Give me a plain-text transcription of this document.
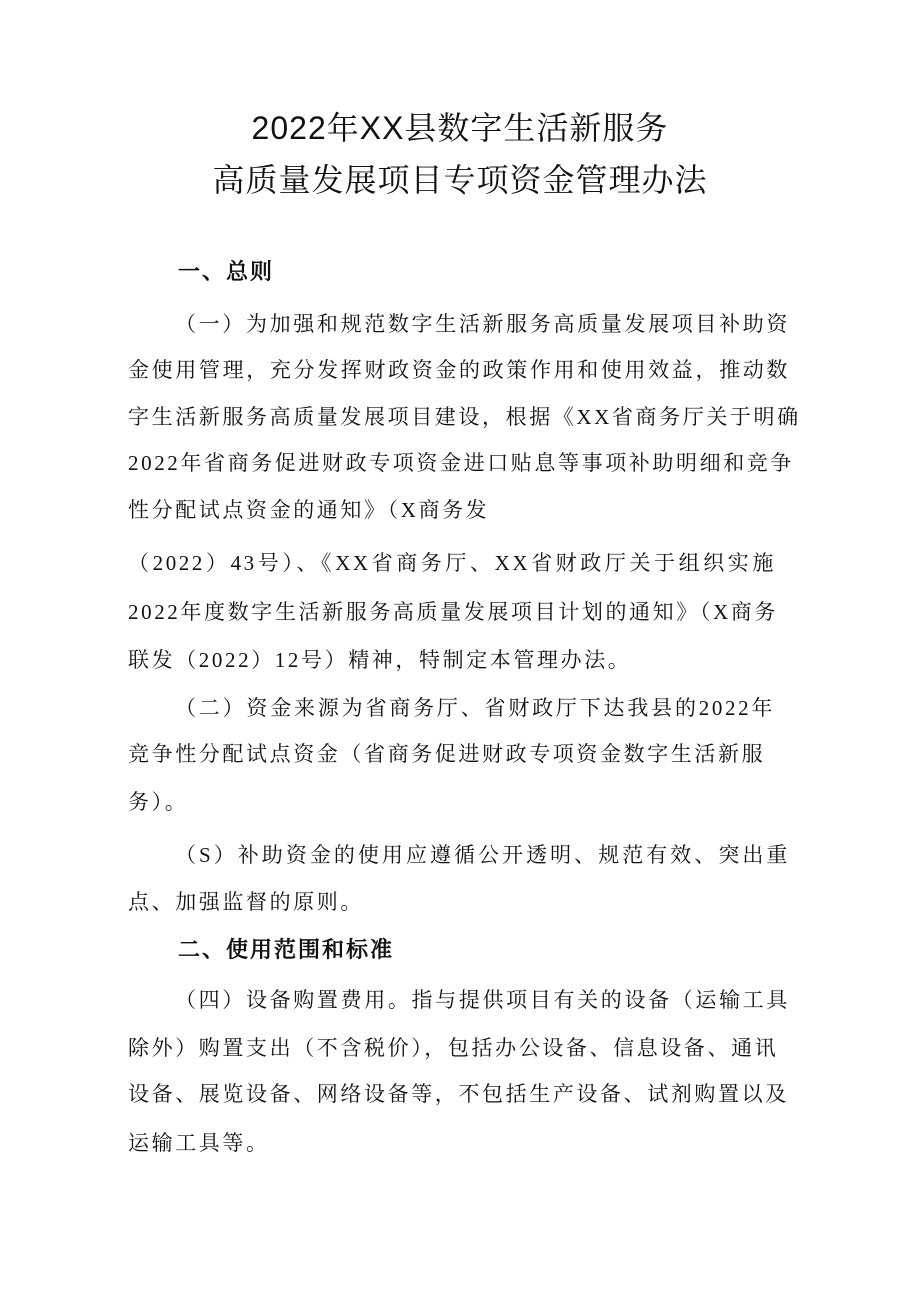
2022年XX县数字生活新服务
高质量发展项目专项资金管理办法
一、总则
（一）为加强和规范数字生活新服务高质量发展项目补助资
金使用管理，充分发挥财政资金的政策作用和使用效益，推动数
字生活新服务高质量发展项目建设，根据《XX省商务厅关于明确
2022年省商务促进财政专项资金进口贴息等事项补助明细和竞争
性分配试点资金的通知》（X商务发
（2022）43号）、《XX省商务厅、XX省财政厅关于组织实施
2022年度数字生活新服务高质量发展项目计划的通知》（X商务
联发（2022）12号）精神，特制定本管理办法。
（二）资金来源为省商务厅、省财政厅下达我县的2022年
竞争性分配试点资金（省商务促进财政专项资金数字生活新服
务）。
（S）补助资金的使用应遵循公开透明、规范有效、突出重
点、加强监督的原则。
二、使用范围和标准
（四）设备购置费用。指与提供项目有关的设备（运输工具
除外）购置支出（不含税价），包括办公设备、信息设备、通讯
设备、展览设备、网络设备等，不包括生产设备、试剂购置以及
运输工具等。
